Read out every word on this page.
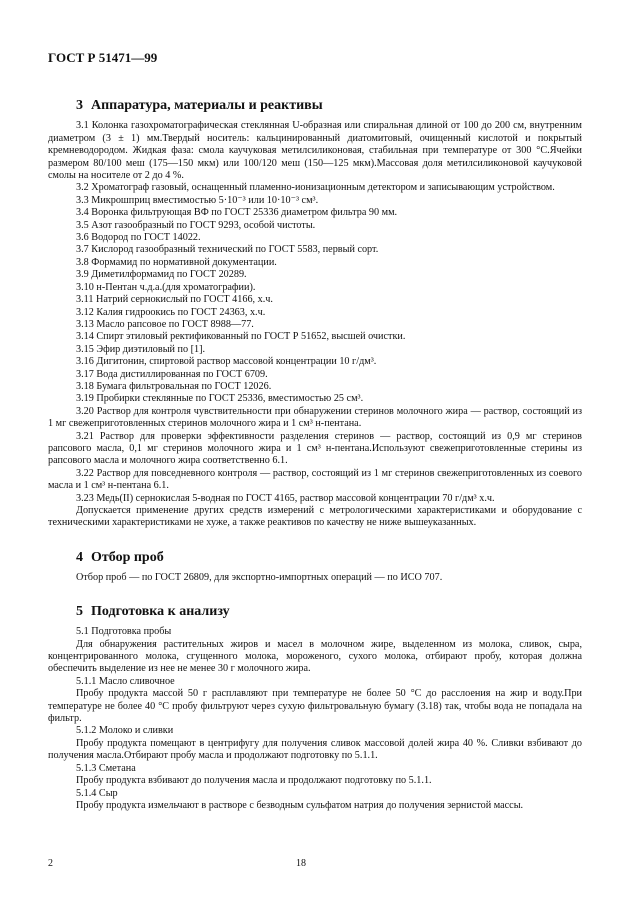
ГОСТ Р 51471—99

3 Аппаратура, материалы и реактивы

3.1 Колонка газохроматографическая стеклянная U-образная или спиральная длиной от 100 до 200 см, внутренним диаметром (3 ± 1) мм.Твердый носитель: кальцинированный диатомитовый, очищенный кислотой и покрытый кремневодородом. Жидкая фаза: смола каучуковая метилсиликоновая, стабильная при температуре от 300 °С.Ячейки размером 80/100 меш (175—150 мкм) или 100/120 меш (150—125 мкм).Массовая доля метилсиликоновой каучуковой смолы на носителе от 2 до 4 %.

3.2 Хроматограф газовый, оснащенный пламенно-ионизационным детектором и записывающим устройством.

3.3 Микрошприц вместимостью 5·10⁻³ или 10·10⁻³ см³.

3.4 Воронка фильтрующая ВФ по ГОСТ 25336 диаметром фильтра 90 мм.

3.5 Азот газообразный по ГОСТ 9293, особой чистоты.

3.6 Водород по ГОСТ 14022.

3.7 Кислород газообразный технический по ГОСТ 5583, первый сорт.

3.8 Формамид по нормативной документации.

3.9 Диметилформамид по ГОСТ 20289.

3.10 н-Пентан ч.д.а.(для хроматографии).

3.11 Натрий сернокислый по ГОСТ 4166, х.ч.

3.12 Калия гидроокись по ГОСТ 24363, х.ч.

3.13 Масло рапсовое по ГОСТ 8988—77.

3.14 Спирт этиловый ректификованный по ГОСТ Р 51652, высшей очистки.

3.15 Эфир диэтиловый по [1].

3.16 Дигитонин, спиртовой раствор массовой концентрации 10 г/дм³.

3.17 Вода дистиллированная по ГОСТ 6709.

3.18 Бумага фильтровальная по ГОСТ 12026.

3.19 Пробирки стеклянные по ГОСТ 25336, вместимостью 25 см³.

3.20 Раствор для контроля чувствительности при обнаружении стеринов молочного жира — раствор, состоящий из 1 мг свежеприготовленных стеринов молочного жира и 1 см³ н-пентана.

3.21 Раствор для проверки эффективности разделения стеринов — раствор, состоящий из 0,9 мг стеринов рапсового масла, 0,1 мг стеринов молочного жира и 1 см³ н-пентана.Используют свежеприготовленные стерины из рапсового масла и молочного жира соответственно 6.1.

3.22 Раствор для повседневного контроля — раствор, состоящий из 1 мг стеринов свежеприготовленных из соевого масла и 1 см³ н-пентана 6.1.

3.23 Медь(II) сернокислая 5-водная по ГОСТ 4165, раствор массовой концентрации 70 г/дм³ х.ч.

Допускается применение других средств измерений с метрологическими характеристиками и оборудование с техническими характеристиками не хуже, а также реактивов по качеству не ниже вышеуказанных.

4 Отбор проб

Отбор проб — по ГОСТ 26809, для экспортно-импортных операций — по ИСО 707.

5 Подготовка к анализу

5.1 Подготовка пробы

Для обнаружения растительных жиров и масел в молочном жире, выделенном из молока, сливок, сыра, концентрированного молока, сгущенного молока, мороженого, сухого молока, отбирают пробу, которая должна обеспечить выделение из нее не менее 30 г молочного жира.

5.1.1 Масло сливочное

Пробу продукта массой 50 г расплавляют при температуре не более 50 °С до расслоения на жир и воду.При температуре не более 40 °С пробу фильтруют через сухую фильтровальную бумагу (3.18) так, чтобы вода не попадала на фильтр.

5.1.2 Молоко и сливки

Пробу продукта помещают в центрифугу для получения сливок массовой долей жира 40 %. Сливки взбивают до получения масла.Отбирают пробу масла и продолжают подготовку по 5.1.1.

5.1.3 Сметана

Пробу продукта взбивают до получения масла и продолжают подготовку по 5.1.1.

5.1.4 Сыр

Пробу продукта измельчают в растворе с безводным сульфатом натрия до получения зернистой массы.

2	18
